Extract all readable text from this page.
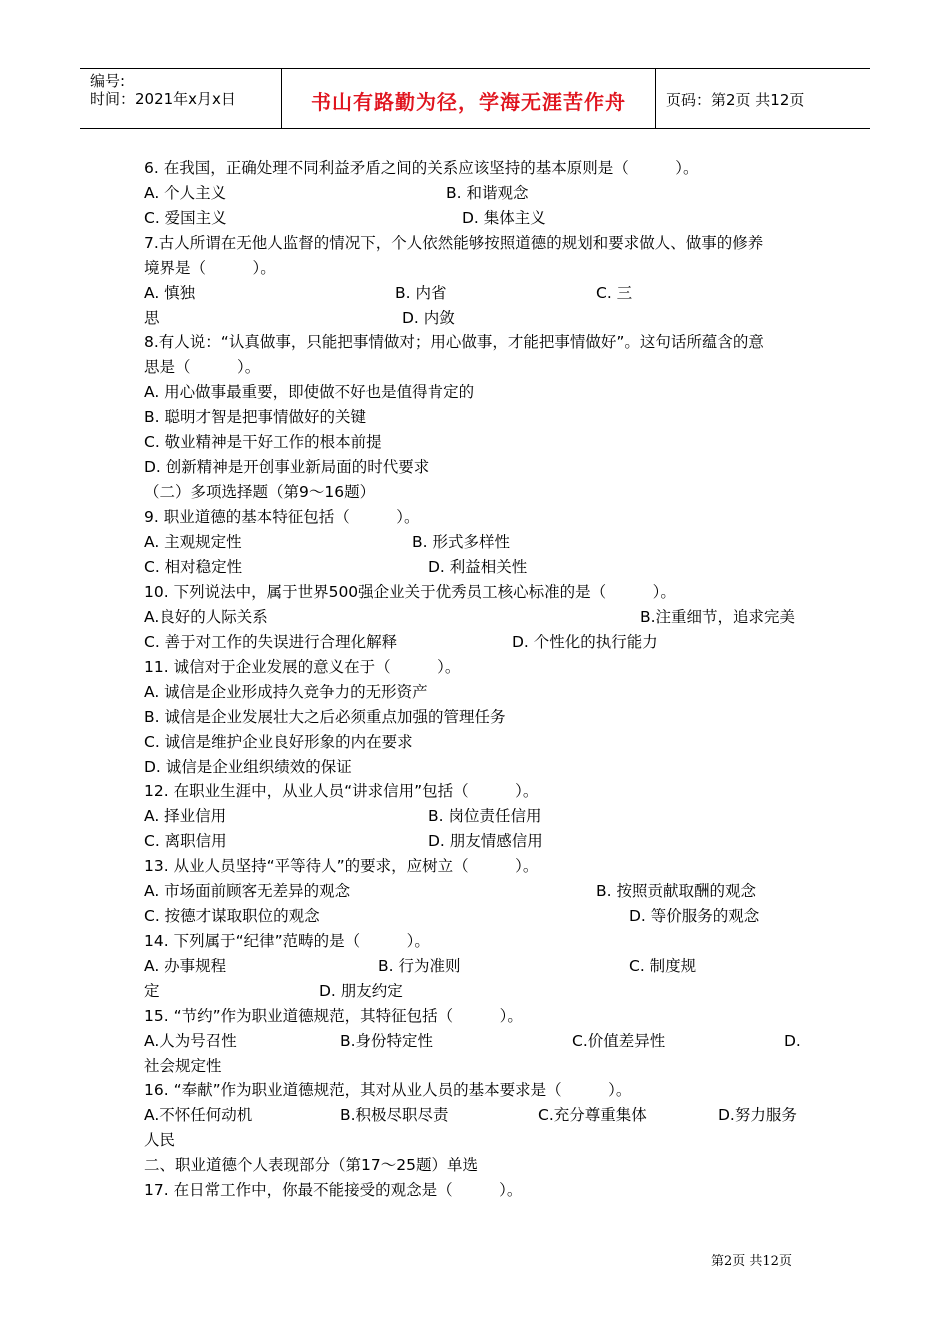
编号:
时间：2021年x月x日	书山有路勤为径，学海无涯苦作舟	页码：第2页 共12页
6. 在我国，正确处理不同利益矛盾之间的关系应该坚持的基本原则是（　　　）。
A. 个人主义	B. 和谐观念
C. 爱国主义	D. 集体主义
7.古人所谓在无他人监督的情况下，个人依然能够按照道德的规划和要求做人、做事的修养
境界是（　　　）。
A. 慎独	B. 内省	C. 三
思	D. 内敛
8.有人说：“认真做事，只能把事情做对；用心做事，才能把事情做好”。这句话所蕴含的意
思是（　　　）。
A. 用心做事最重要，即使做不好也是值得肯定的
B. 聪明才智是把事情做好的关键
C. 敬业精神是干好工作的根本前提
D. 创新精神是开创事业新局面的时代要求
（二）多项选择题（第9～16题）
9. 职业道德的基本特征包括（　　　）。
A. 主观规定性	B. 形式多样性
C. 相对稳定性	D. 利益相关性
10. 下列说法中，属于世界500强企业关于优秀员工核心标准的是（　　　）。
A.良好的人际关系	B.注重细节，追求完美
C. 善于对工作的失误进行合理化解释	D. 个性化的执行能力
11. 诚信对于企业发展的意义在于（　　　）。
A. 诚信是企业形成持久竞争力的无形资产
B. 诚信是企业发展壮大之后必须重点加强的管理任务
C. 诚信是维护企业良好形象的内在要求
D. 诚信是企业组织绩效的保证
12. 在职业生涯中，从业人员“讲求信用”包括（　　　）。
A. 择业信用	B. 岗位责任信用
C. 离职信用	D. 朋友情感信用
13. 从业人员坚持“平等待人”的要求，应树立（　　　）。
A. 市场面前顾客无差异的观念	B. 按照贡献取酬的观念
C. 按德才谋取职位的观念	D. 等价服务的观念
14. 下列属于“纪律”范畴的是（　　　）。
A. 办事规程	B. 行为准则	C. 制度规
定	D. 朋友约定
15. “节约”作为职业道德规范，其特征包括（　　　）。
A.人为号召性	B.身份特定性	C.价值差异性	D.
社会规定性
16. “奉献”作为职业道德规范，其对从业人员的基本要求是（　　　）。
A.不怀任何动机	B.积极尽职尽责	C.充分尊重集体	D.努力服务
人民
二、职业道德个人表现部分（第17～25题）单选
17. 在日常工作中，你最不能接受的观念是（　　　）。
第2页 共12页
